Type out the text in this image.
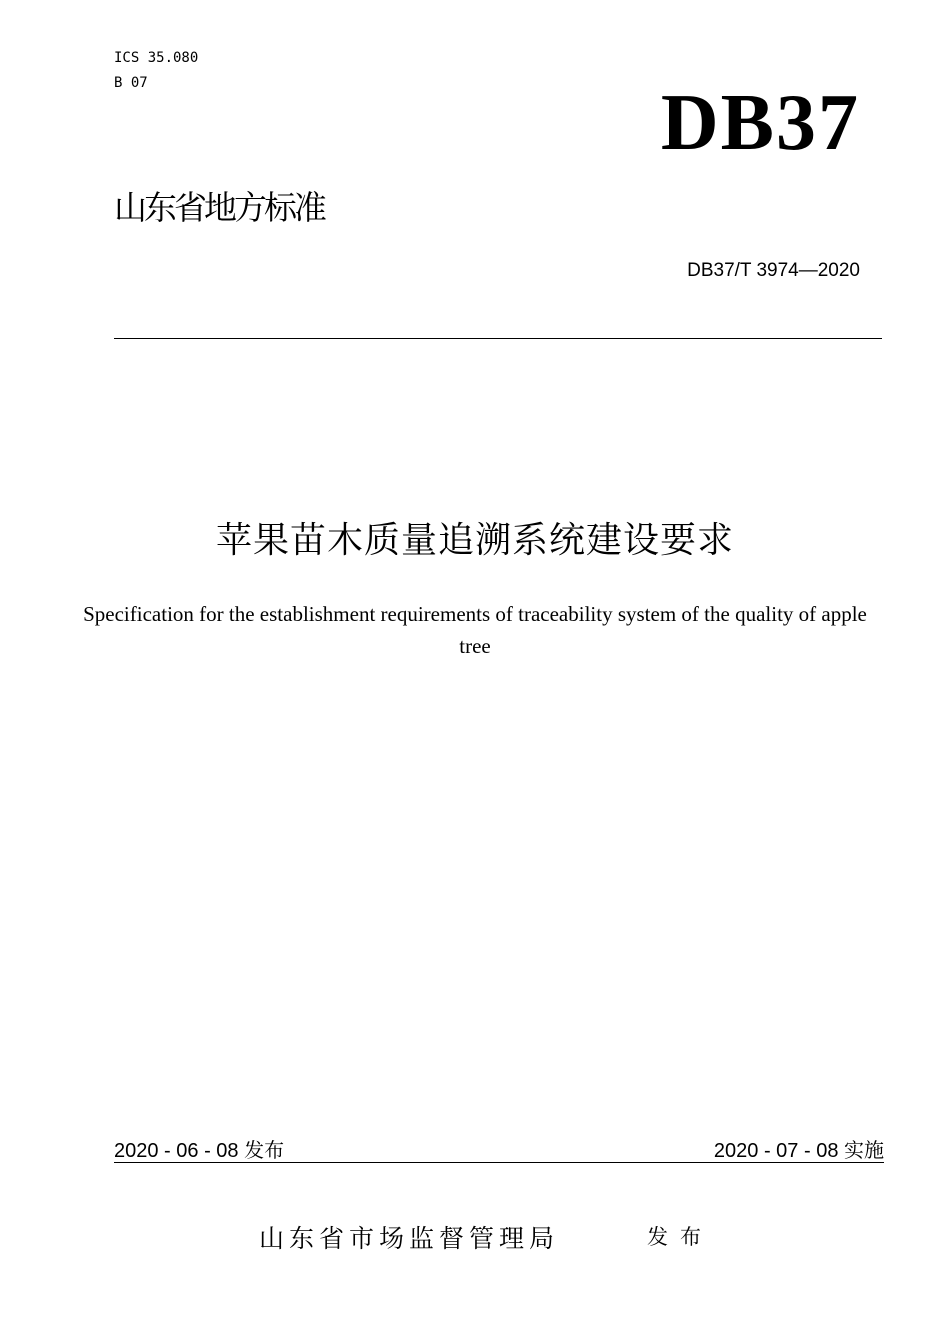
ICS 35.080
B 07	DB37
山东省地方标准
DB37/T 3974—2020
苹果苗木质量追溯系统建设要求
Specification for the establishment requirements of traceability system of the quality of apple tree
2020 - 06 - 08 发布	2020 - 07 - 08 实施
山东省市场监督管理局	发布
